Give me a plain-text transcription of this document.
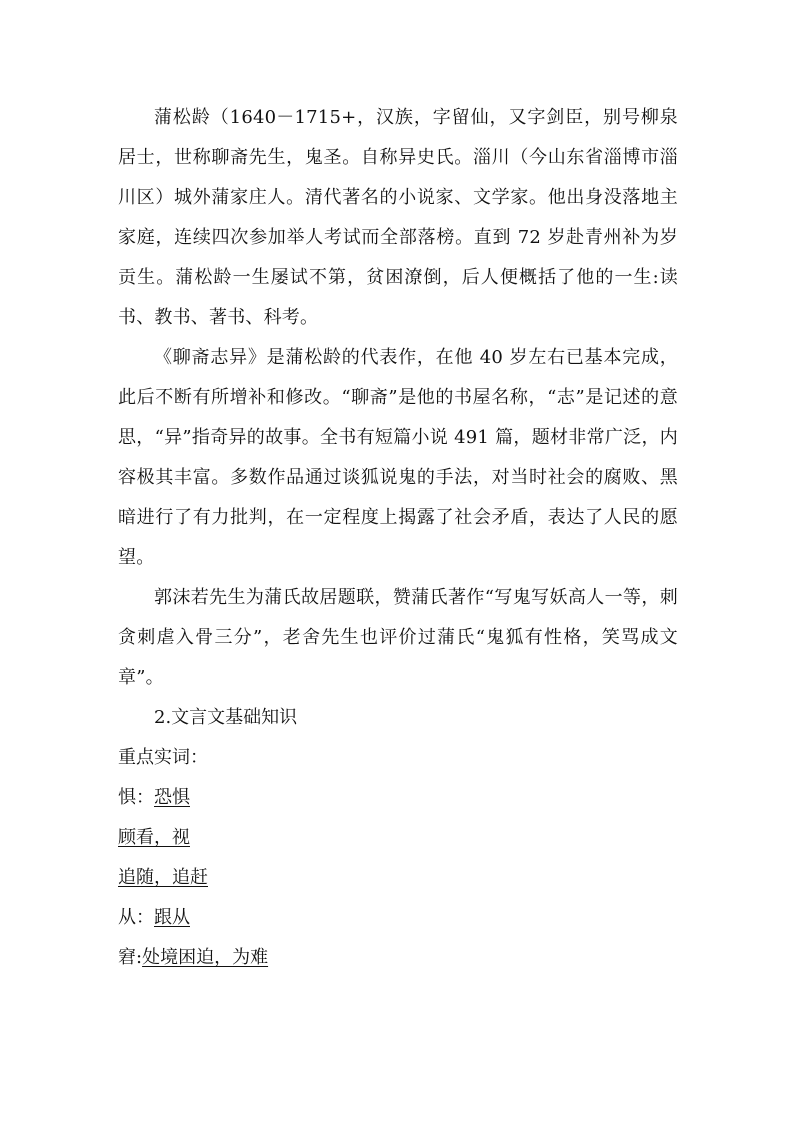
蒲松龄（1640－1715+，汉族，字留仙，又字剑臣，别号柳泉居士，世称聊斋先生，鬼圣。自称异史氏。淄川（今山东省淄博市淄川区）城外蒲家庄人。清代著名的小说家、文学家。他出身没落地主家庭，连续四次参加举人考试而全部落榜。直到 72 岁赴青州补为岁贡生。蒲松龄一生屡试不第，贫困潦倒，后人便概括了他的一生:读书、教书、著书、科考。

《聊斋志异》是蒲松龄的代表作，在他 40 岁左右已基本完成，此后不断有所增补和修改。“聊斋”是他的书屋名称，“志”是记述的意思，“异”指奇异的故事。全书有短篇小说 491 篇，题材非常广泛，内容极其丰富。多数作品通过谈狐说鬼的手法，对当时社会的腐败、黑暗进行了有力批判，在一定程度上揭露了社会矛盾，表达了人民的愿望。

郭沫若先生为蒲氏故居题联，赞蒲氏著作“写鬼写妖高人一等，刺贪刺虐入骨三分”，老舍先生也评价过蒲氏“鬼狐有性格，笑骂成文章”。

2.文言文基础知识

重点实词：

惧：恐惧

顾看，视

追随，追赶

从：跟从

窘:处境困迫，为难
